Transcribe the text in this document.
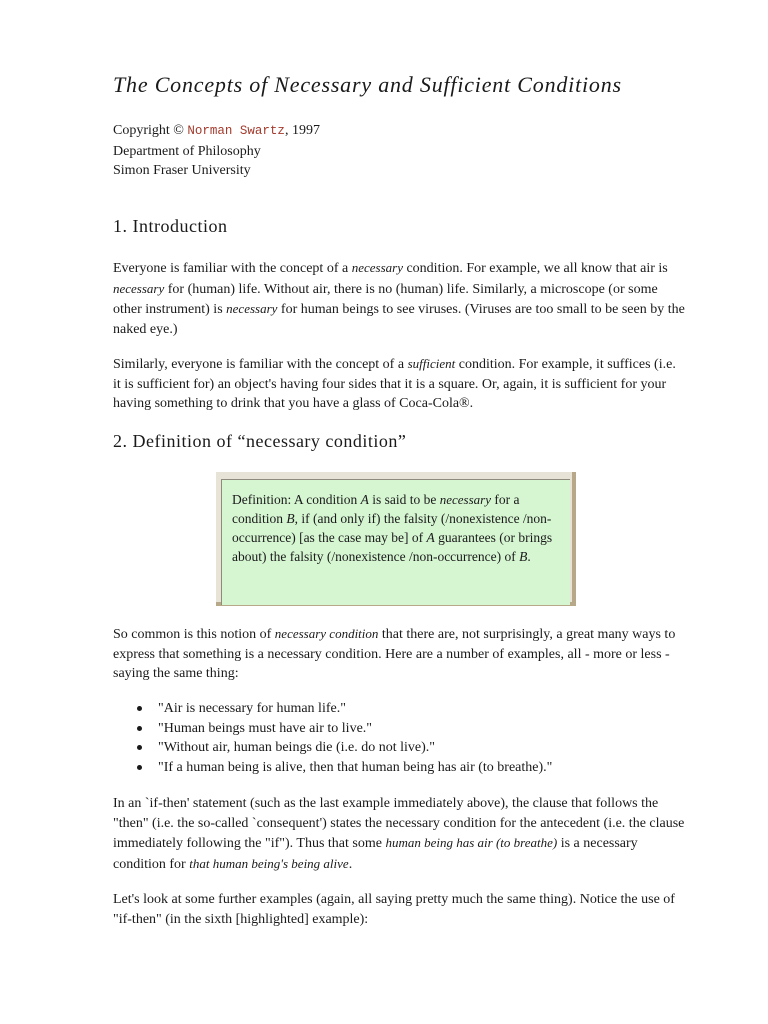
The Concepts of Necessary and Sufficient Conditions
Copyright © Norman Swartz, 1997
Department of Philosophy
Simon Fraser University
1. Introduction

Everyone is familiar with the concept of a necessary condition. For example, we all know that air is necessary for (human) life. Without air, there is no (human) life. Similarly, a microscope (or some other instrument) is necessary for human beings to see viruses. (Viruses are too small to be seen by the naked eye.)

Similarly, everyone is familiar with the concept of a sufficient condition. For example, it suffices (i.e. it is sufficient for) an object's having four sides that it is a square. Or, again, it is sufficient for your having something to drink that you have a glass of Coca-Cola®.

2. Definition of “necessary condition”
Definition: A condition A is said to be necessary for a condition B, if (and only if) the falsity (/nonexistence /non-occurrence) [as the case may be] of A guarantees (or brings about) the falsity (/nonexistence /non-occurrence) of B.

So common is this notion of necessary condition that there are, not surprisingly, a great many ways to express that something is a necessary condition. Here are a number of examples, all - more or less - saying the same thing:

"Air is necessary for human life."
"Human beings must have air to live."
"Without air, human beings die (i.e. do not live)."
"If a human being is alive, then that human being has air (to breathe)."

In an `if-then' statement (such as the last example immediately above), the clause that follows the "then" (i.e. the so-called `consequent') states the necessary condition for the antecedent (i.e. the clause immediately following the "if"). Thus that some human being has air (to breathe) is a necessary condition for that human being's being alive.

Let's look at some further examples (again, all saying pretty much the same thing). Notice the use of "if-then" (in the sixth [highlighted] example):
